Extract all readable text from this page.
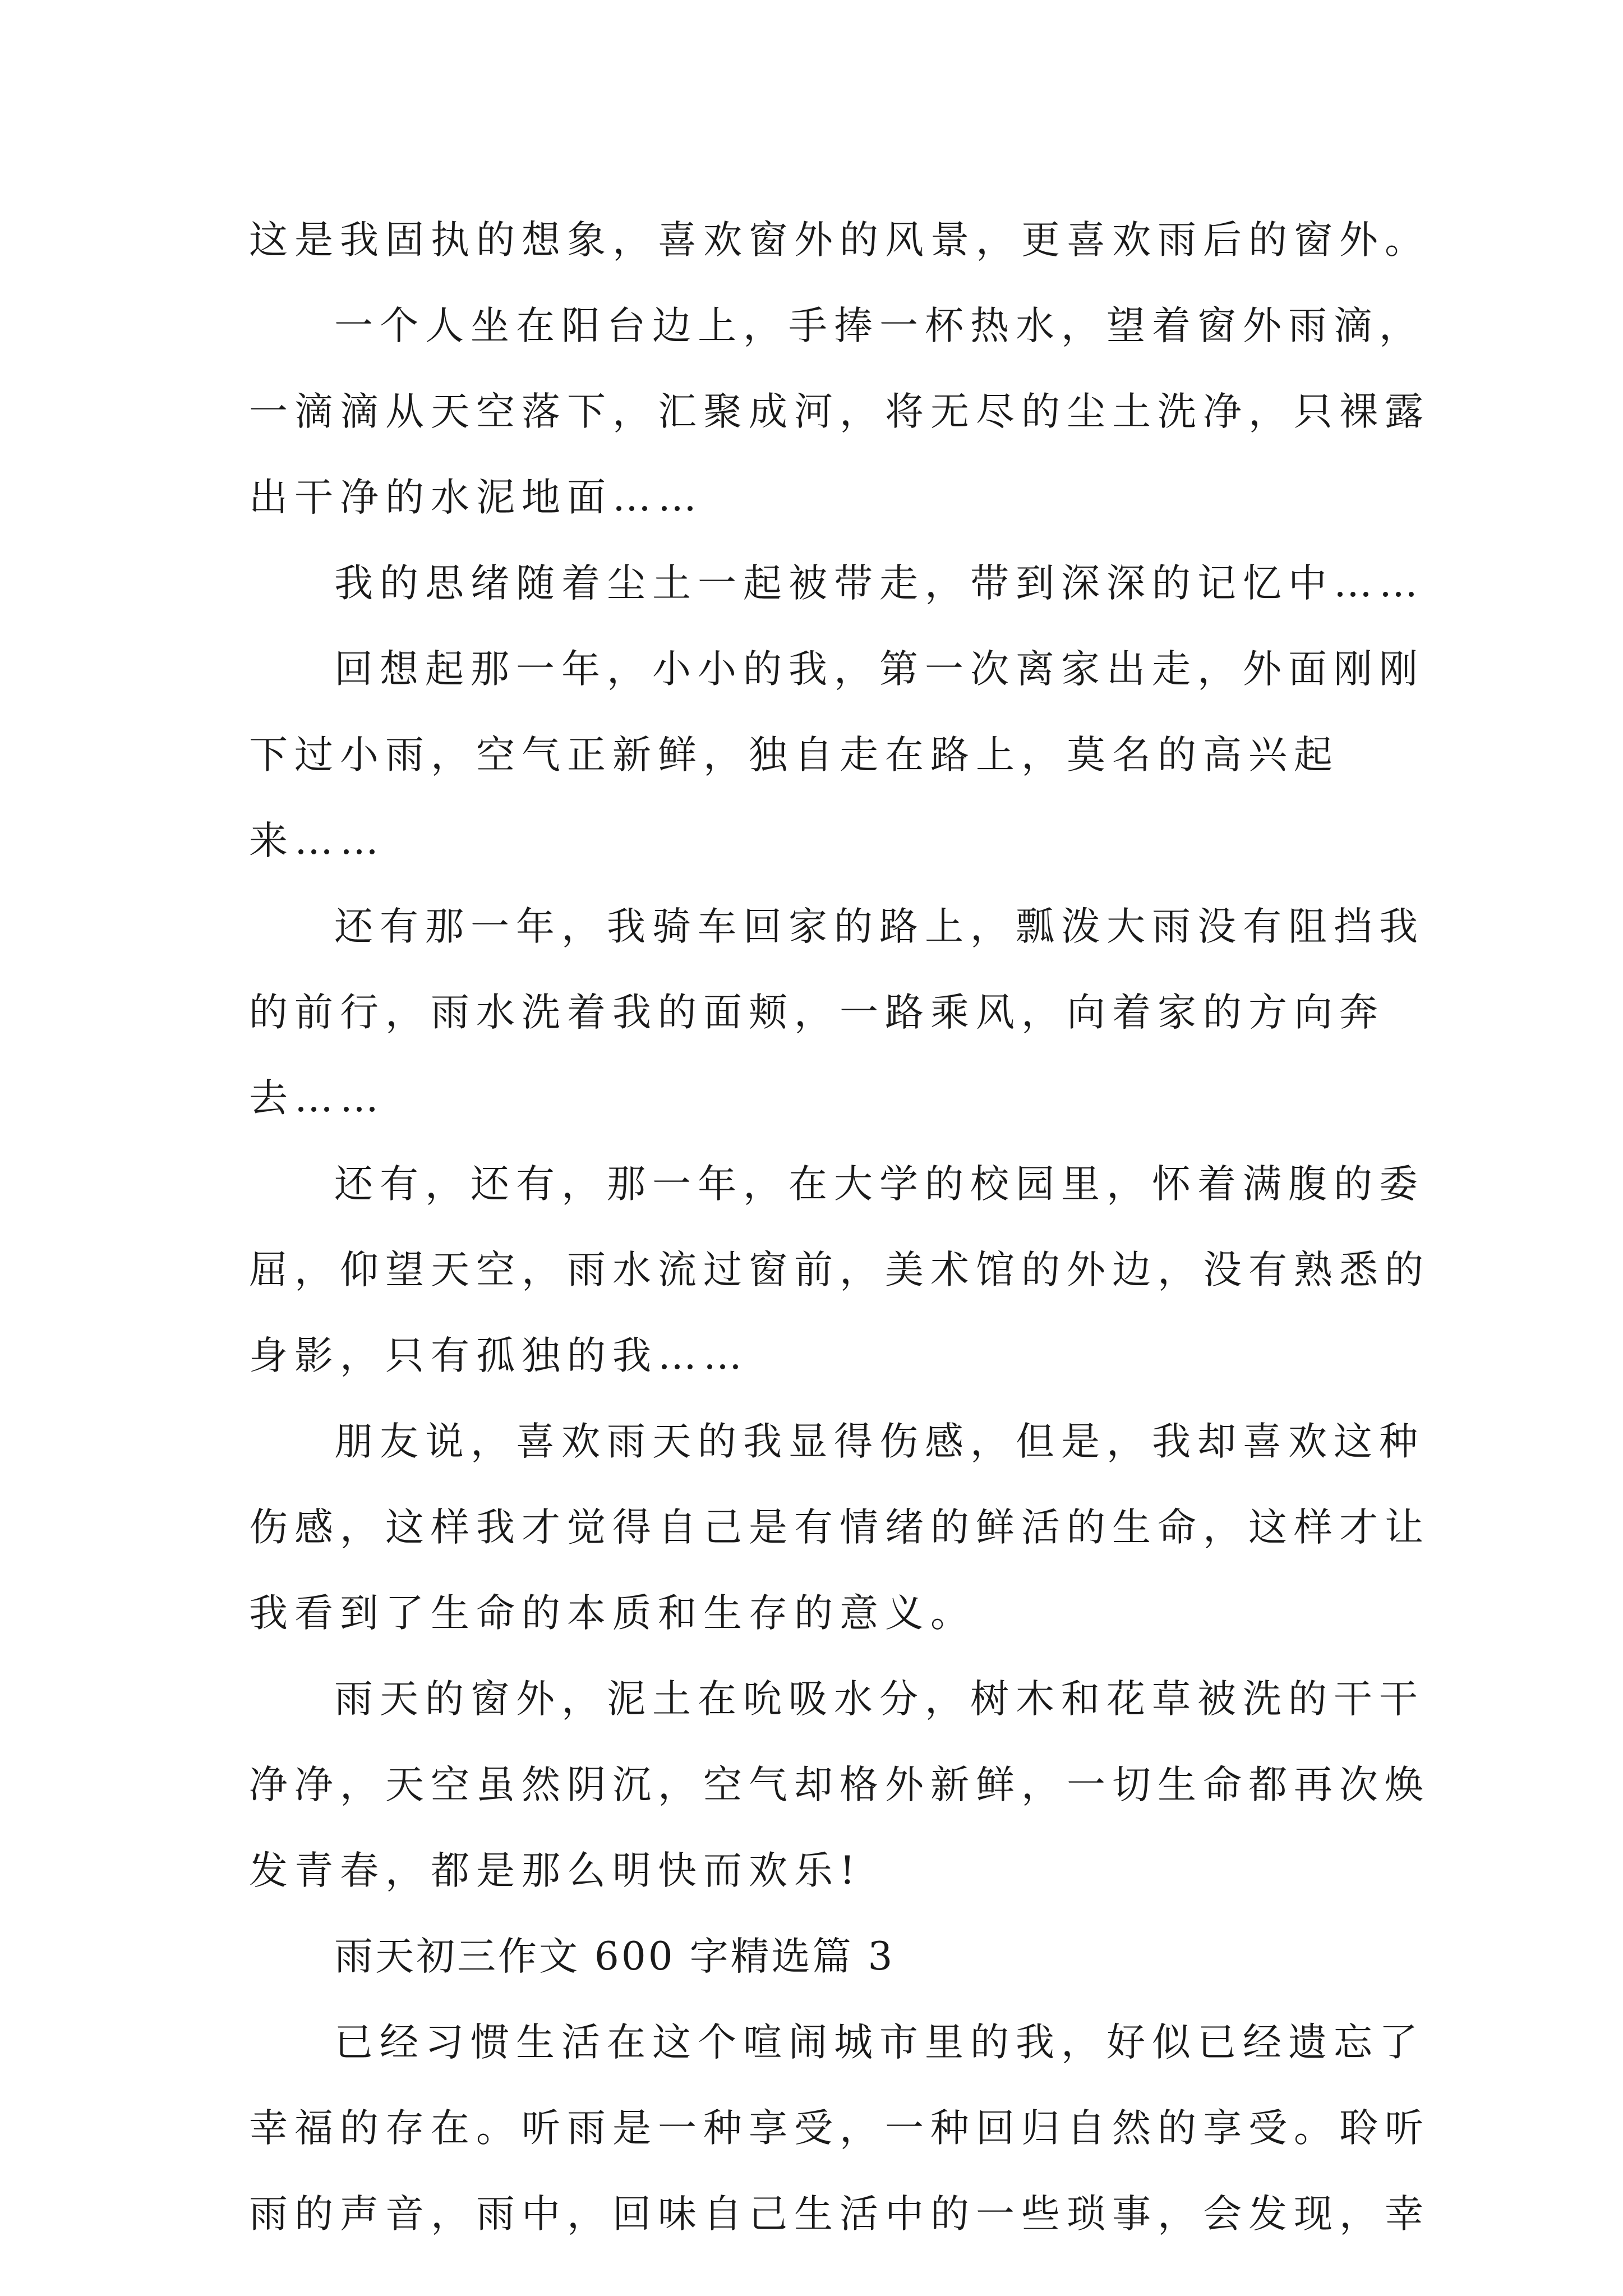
这是我固执的想象，喜欢窗外的风景，更喜欢雨后的窗外。
一个人坐在阳台边上，手捧一杯热水，望着窗外雨滴，
一滴滴从天空落下，汇聚成河，将无尽的尘土洗净，只裸露
出干净的水泥地面……
我的思绪随着尘土一起被带走，带到深深的记忆中……
回想起那一年，小小的我，第一次离家出走，外面刚刚
下过小雨，空气正新鲜，独自走在路上，莫名的高兴起
来……
还有那一年，我骑车回家的路上，瓢泼大雨没有阻挡我
的前行，雨水洗着我的面颊，一路乘风，向着家的方向奔
去……
还有，还有，那一年，在大学的校园里，怀着满腹的委
屈，仰望天空，雨水流过窗前，美术馆的外边，没有熟悉的
身影，只有孤独的我……
朋友说，喜欢雨天的我显得伤感，但是，我却喜欢这种
伤感，这样我才觉得自己是有情绪的鲜活的生命，这样才让
我看到了生命的本质和生存的意义。
雨天的窗外，泥土在吮吸水分，树木和花草被洗的干干
净净，天空虽然阴沉，空气却格外新鲜，一切生命都再次焕
发青春，都是那么明快而欢乐!
雨天初三作文 600 字精选篇 3
已经习惯生活在这个喧闹城市里的我，好似已经遗忘了
幸福的存在。听雨是一种享受，一种回归自然的享受。聆听
雨的声音，雨中，回味自己生活中的一些琐事，会发现，幸
